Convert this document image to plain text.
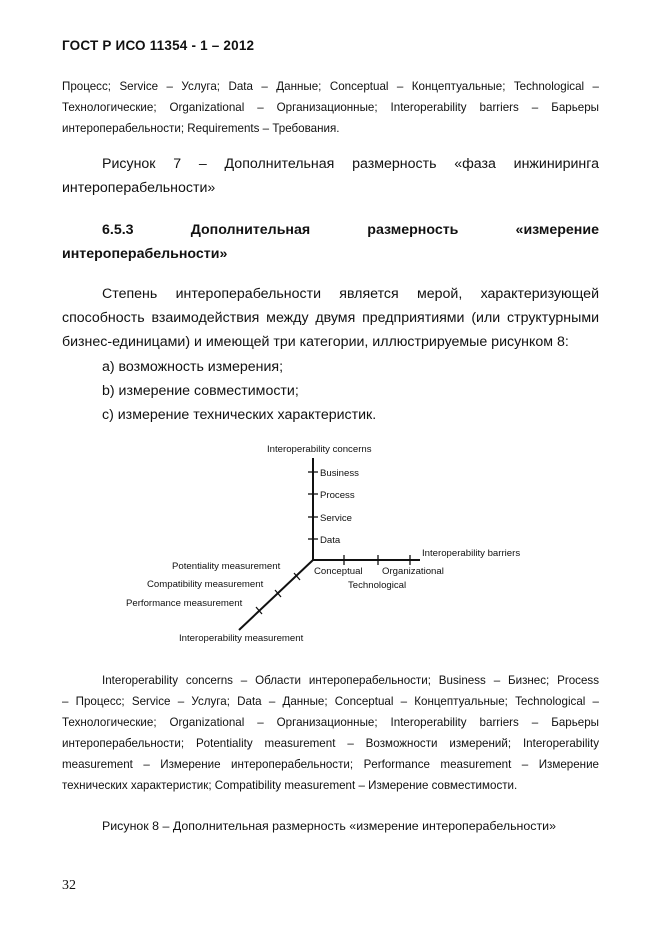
ГОСТ Р ИСО 11354 - 1 – 2012
Процесс; Service – Услуга; Data – Данные; Conceptual – Концептуальные; Technological –
Технологические; Organizational – Организационные; Interoperability barriers – Барьеры
интероперабельности; Requirements – Требования.
Рисунок 7 – Дополнительная размерность «фаза инжиниринга
интероперабельности»
6.5.3 Дополнительная размерность «измерение
интероперабельности»
Степень интероперабельности является мерой, характеризующей
способность взаимодействия между двумя предприятиями (или структурными
бизнес-единицами) и имеющей три категории, иллюстрируемые рисунком 8:
a) возможность измерения;
b) измерение совместимости;
c) измерение технических характеристик.
Interoperability concerns
Business
Process
Service
Data
Interoperability barriers
Conceptual Organizational
Technological
Potentiality measurement
Compatibility measurement
Performance measurement
Interoperability measurement
Interoperability concerns – Области интероперабельности; Business – Бизнес; Process
– Процесс; Service – Услуга; Data – Данные; Conceptual – Концептуальные; Technological –
Технологические; Organizational – Организационные; Interoperability barriers – Барьеры
интероперабельности; Potentiality measurement – Возможности измерений; Interoperability
measurement – Измерение интероперабельности; Performance measurement – Измерение
технических характеристик; Compatibility measurement – Измерение совместимости.
Рисунок 8 – Дополнительная размерность «измерение интероперабельности»
32
